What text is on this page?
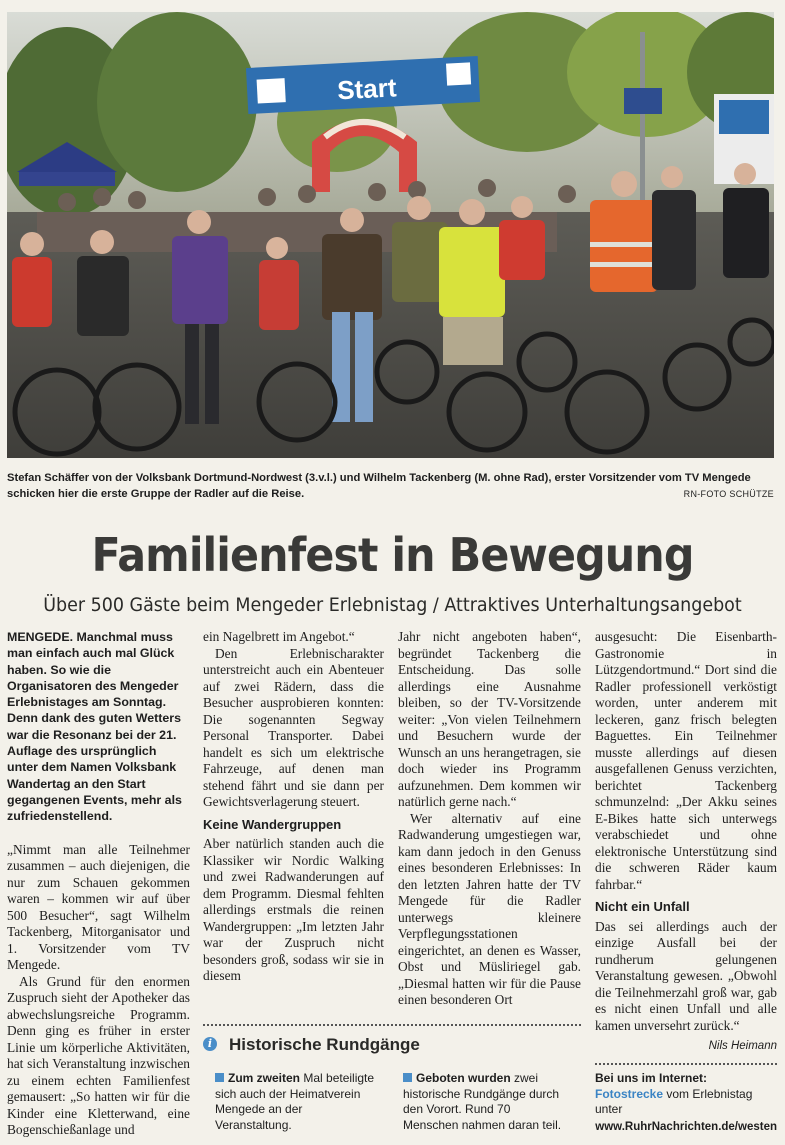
Start
Stefan Schäffer von der Volksbank Dortmund-Nordwest (3.v.l.) und Wilhelm Tackenberg (M. ohne Rad), erster Vorsitzender vom TV Mengede schicken hier die erste Gruppe der Radler auf die Reise.	RN-FOTO SCHÜTZE
Familienfest in Bewegung
Über 500 Gäste beim Mengeder Erlebnistag / Attraktives Unterhaltungsangebot

MENGEDE. Manchmal muss man einfach auch mal Glück haben. So wie die Organisatoren des Mengeder Erlebnistages am Sonntag. Denn dank des guten Wetters war die Resonanz bei der 21. Auflage des ursprünglich unter dem Namen Volksbank Wandertag an den Start gegangenen Events, mehr als zufriedenstellend.

„Nimmt man alle Teilnehmer zusammen – auch diejenigen, die nur zum Schauen gekommen waren – kommen wir auf über 500 Besucher“, sagt Wilhelm Tackenberg, Mitorganisator und 1. Vorsitzender vom TV Mengede.

Als Grund für den enormen Zuspruch sieht der Apotheker das abwechslungsreiche Programm. Denn ging es früher in erster Linie um körperliche Aktivitäten, hat sich Veranstaltung inzwischen zu einem echten Familienfest gemausert: „So hatten wir für die Kinder eine Kletterwand, eine Bogenschießanlage und

ein Nagelbrett im Angebot.“

Den Erlebnischarakter unterstreicht auch ein Abenteuer auf zwei Rädern, dass die Besucher ausprobieren konnten: Die sogenannten Segway Personal Transporter. Dabei handelt es sich um elektrische Fahrzeuge, auf denen man stehend fährt und sie dann per Gewichtsverlagerung steuert.

Keine Wandergruppen

Aber natürlich standen auch die Klassiker wir Nordic Walking und zwei Radwanderungen auf dem Programm. Diesmal fehlten allerdings erstmals die reinen Wandergruppen: „Im letzten Jahr war der Zuspruch nicht besonders groß, sodass wir sie in diesem

Jahr nicht angeboten haben“, begründet Tackenberg die Entscheidung. Das solle allerdings eine Ausnahme bleiben, so der TV-Vorsitzende weiter: „Von vielen Teilnehmern und Besuchern wurde der Wunsch an uns herangetragen, sie doch wieder ins Programm aufzunehmen. Dem kommen wir natürlich gerne nach.“

Wer alternativ auf eine Radwanderung umgestiegen war, kam dann jedoch in den Genuss eines besonderen Erlebnisses: In den letzten Jahren hatte der TV Mengede für die Radler unterwegs kleinere Verpflegungsstationen eingerichtet, an denen es Wasser, Obst und Müsliriegel gab. „Diesmal hatten wir für die Pause einen besonderen Ort

ausgesucht: Die Eisenbarth-Gastronomie in Lützgendortmund.“ Dort sind die Radler professionell verköstigt worden, unter anderem mit leckeren, ganz frisch belegten Baguettes. Ein Teilnehmer musste allerdings auf diesen ausgefallenen Genuss verzichten, berichtet Tackenberg schmunzelnd: „Der Akku seines E-Bikes hatte sich unterwegs verabschiedet und ohne elektronische Unterstützung sind die schweren Räder kaum fahrbar.“

Nicht ein Unfall

Das sei allerdings auch der einzige Ausfall bei der rundherum gelungenen Veranstaltung gewesen. „Obwohl die Teilnehmerzahl groß war, gab es nicht einen Unfall und alle kamen unversehrt zurück.“

Nils Heimann
i Historische Rundgänge
Zum zweiten Mal beteiligte sich auch der Heimatverein Mengede an der Veranstaltung.
Geboten wurden zwei historische Rundgänge durch den Vorort. Rund 70 Menschen nahmen daran teil.
Bei uns im Internet:
Fotostrecke vom Erlebnistag unter
www.RuhrNachrichten.de/westen
